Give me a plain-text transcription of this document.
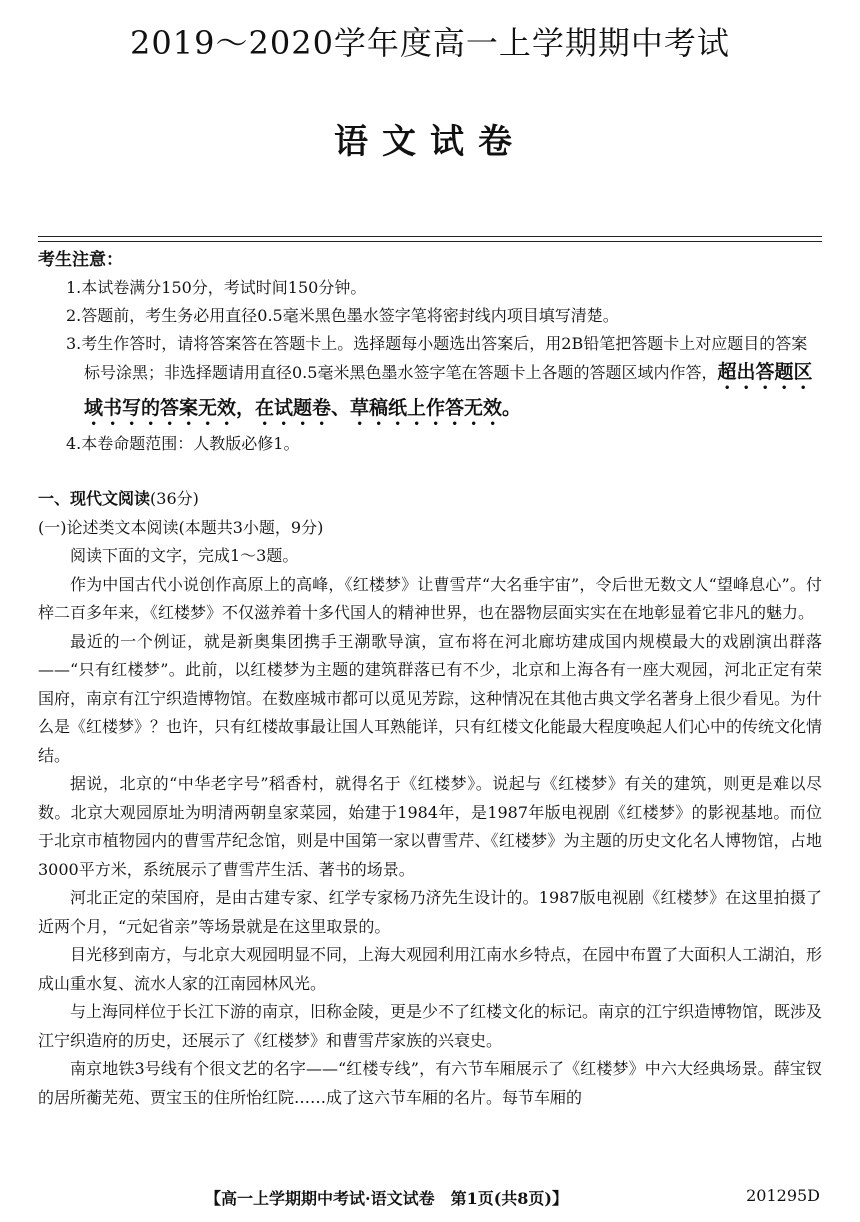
2019～2020学年度高一上学期期中考试
语文试卷
考生注意：
1.本试卷满分150分，考试时间150分钟。
2.答题前，考生务必用直径0.5毫米黑色墨水签字笔将密封线内项目填写清楚。
3.考生作答时，请将答案答在答题卡上。选择题每小题选出答案后，用2B铅笔把答题卡上对应题目的答案标号涂黑；非选择题请用直径0.5毫米黑色墨水签字笔在答题卡上各题的答题区域内作答，超出答题区域书写的答案无效，在试题卷、草稿纸上作答无效。
4.本卷命题范围：人教版必修1。

一、现代文阅读(36分)

(一)论述类文本阅读(本题共3小题，9分)

阅读下面的文字，完成1～3题。

作为中国古代小说创作高原上的高峰，《红楼梦》让曹雪芹“大名垂宇宙”，令后世无数文人“望峰息心”。付梓二百多年来，《红楼梦》不仅滋养着十多代国人的精神世界，也在器物层面实实在在地彰显着它非凡的魅力。

最近的一个例证，就是新奥集团携手王潮歌导演，宣布将在河北廊坊建成国内规模最大的戏剧演出群落——“只有红楼梦”。此前，以红楼梦为主题的建筑群落已有不少，北京和上海各有一座大观园，河北正定有荣国府，南京有江宁织造博物馆。在数座城市都可以觅见芳踪，这种情况在其他古典文学名著身上很少看见。为什么是《红楼梦》？也许，只有红楼故事最让国人耳熟能详，只有红楼文化能最大程度唤起人们心中的传统文化情结。

据说，北京的“中华老字号”稻香村，就得名于《红楼梦》。说起与《红楼梦》有关的建筑，则更是难以尽数。北京大观园原址为明清两朝皇家菜园，始建于1984年，是1987年版电视剧《红楼梦》的影视基地。而位于北京市植物园内的曹雪芹纪念馆，则是中国第一家以曹雪芹、《红楼梦》为主题的历史文化名人博物馆，占地3000平方米，系统展示了曹雪芹生活、著书的场景。

河北正定的荣国府，是由古建专家、红学专家杨乃济先生设计的。1987版电视剧《红楼梦》在这里拍摄了近两个月，“元妃省亲”等场景就是在这里取景的。

目光移到南方，与北京大观园明显不同，上海大观园利用江南水乡特点，在园中布置了大面积人工湖泊，形成山重水复、流水人家的江南园林风光。

与上海同样位于长江下游的南京，旧称金陵，更是少不了红楼文化的标记。南京的江宁织造博物馆，既涉及江宁织造府的历史，还展示了《红楼梦》和曹雪芹家族的兴衰史。

南京地铁3号线有个很文艺的名字——“红楼专线”，有六节车厢展示了《红楼梦》中六大经典场景。薛宝钗的居所蘅芜苑、贾宝玉的住所怡红院……成了这六节车厢的名片。每节车厢的

【高一上学期期中考试·语文试卷　第1页(共8页)】	201295D
